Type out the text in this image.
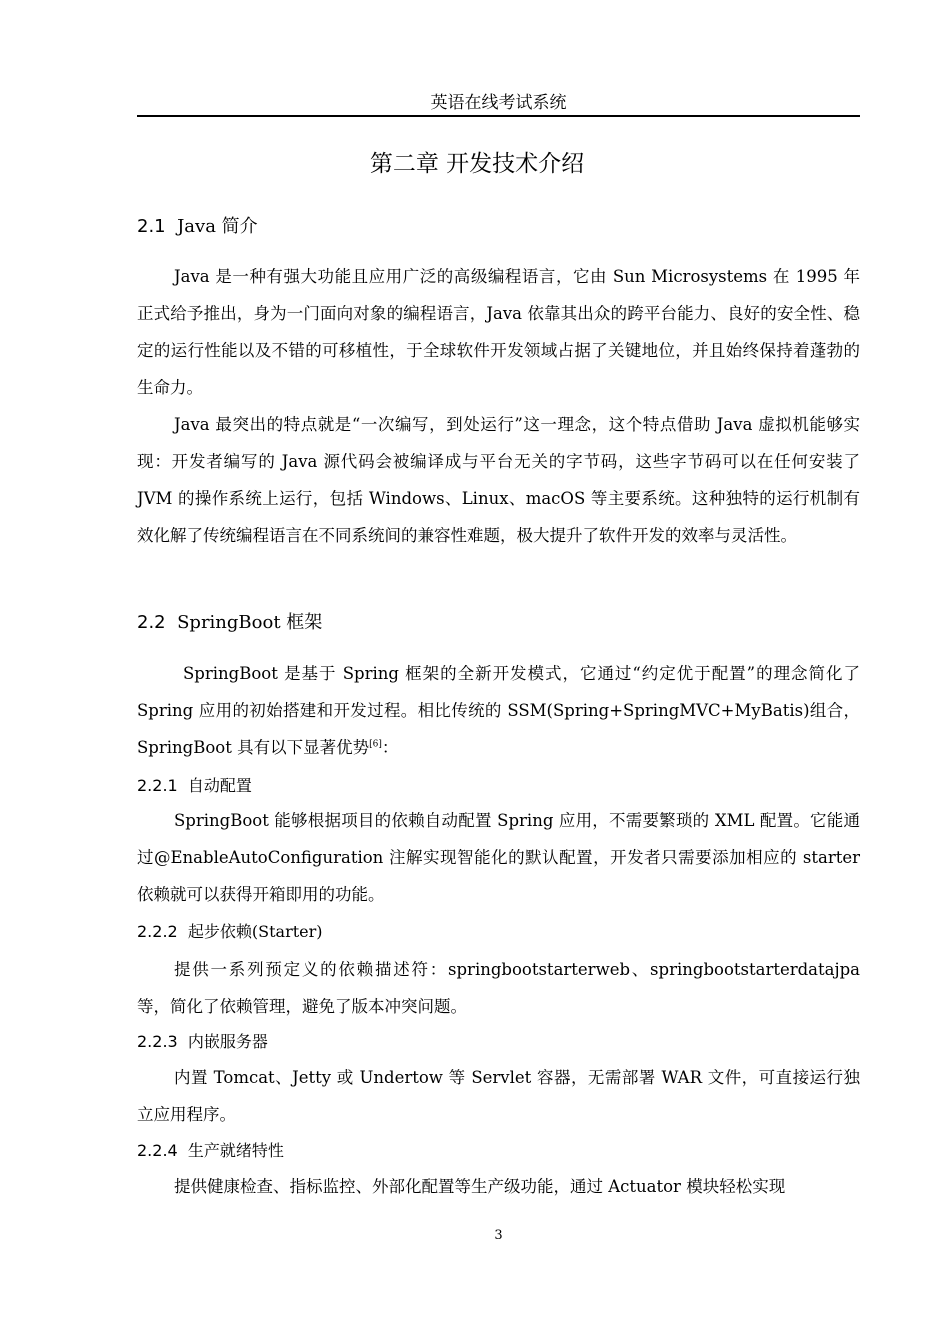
英语在线考试系统
第二章 开发技术介绍
2.1 Java 简介

Java 是一种有强大功能且应用广泛的高级编程语言，它由 Sun Microsystems 在 1995 年正式给予推出，身为一门面向对象的编程语言，Java 依靠其出众的跨平台能力、良好的安全性、稳定的运行性能以及不错的可移植性，于全球软件开发领域占据了关键地位，并且始终保持着蓬勃的生命力。

Java 最突出的特点就是“一次编写，到处运行”这一理念，这个特点借助 Java 虚拟机能够实现：开发者编写的 Java 源代码会被编译成与平台无关的字节码，这些字节码可以在任何安装了 JVM 的操作系统上运行，包括 Windows、Linux、macOS 等主要系统。这种独特的运行机制有效化解了传统编程语言在不同系统间的兼容性难题，极大提升了软件开发的效率与灵活性。

2.2 SpringBoot 框架

SpringBoot 是基于 Spring 框架的全新开发模式，它通过“约定优于配置”的理念简化了 Spring 应用的初始搭建和开发过程。相比传统的 SSM(Spring+SpringMVC+MyBatis)组合，SpringBoot 具有以下显著优势[6]：

2.2.1 自动配置

SpringBoot 能够根据项目的依赖自动配置 Spring 应用，不需要繁琐的 XML 配置。它能通过@EnableAutoConfiguration 注解实现智能化的默认配置，开发者只需要添加相应的 starter 依赖就可以获得开箱即用的功能。

2.2.2 起步依赖(Starter)

提供一系列预定义的依赖描述符：springbootstarterweb、springbootstarterdatajpa 等，简化了依赖管理，避免了版本冲突问题。

2.2.3 内嵌服务器

内置 Tomcat、Jetty 或 Undertow 等 Servlet 容器，无需部署 WAR 文件，可直接运行独立应用程序。

2.2.4 生产就绪特性

提供健康检查、指标监控、外部化配置等生产级功能，通过 Actuator 模块轻松实现

3
